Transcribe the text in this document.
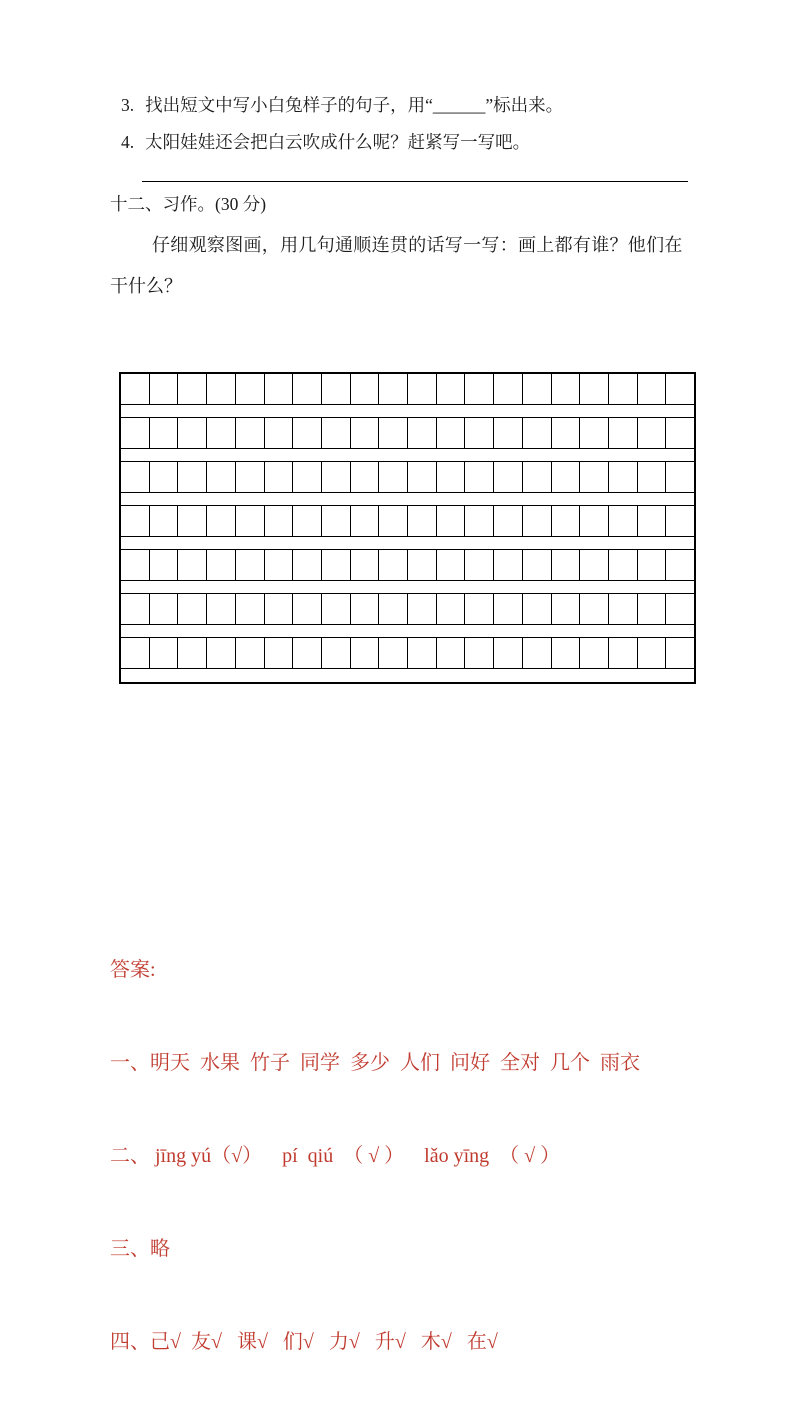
3. 找出短文中写小白兔样子的句子，用“______”标出来。
4. 太阳娃娃还会把白云吹成什么呢？赶紧写一写吧。
十二、习作。(30 分)
仔细观察图画，用几句通顺连贯的话写一写：画上都有谁？他们在
干什么？

答案:

一、明天  水果  竹子  同学  多少  人们  问好  全对  几个  雨衣

二、 jīng yú（√）    pí  qiú  （ √ ）    lǎo yīng  （ √ ）

三、略

四、己√  友√   课√   们√   力√   升√   木√   在√
